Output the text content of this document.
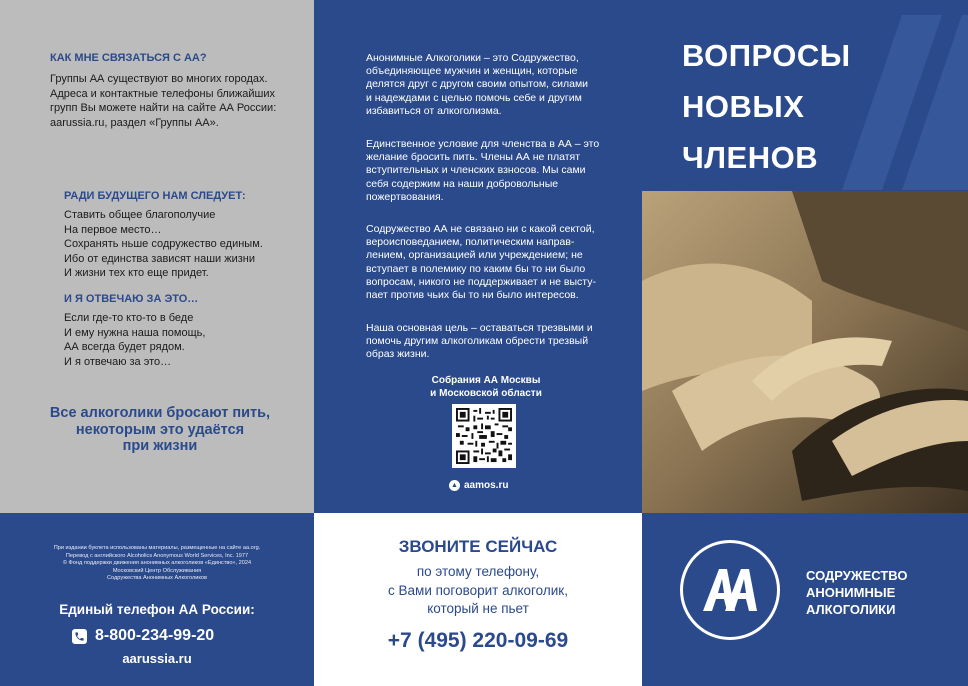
КАК МНЕ СВЯЗАТЬСЯ С АА?
Группы АА существуют во многих городах.
Адреса и контактные телефоны ближайших
групп Вы можете найти на сайте АА России:
aarussia.ru, раздел «Группы АА».
РАДИ БУДУЩЕГО НАМ СЛЕДУЕТ:
Ставить общее благополучие
На первое место…
Сохранять ньше содружество единым.
Ибо от единства зависят наши жизни
И жизни тех кто еще придет.
И Я ОТВЕЧАЮ ЗА ЭТО…
Если где-то кто-то в беде
И ему нужна наша помощь,
АА всегда будет рядом.
И я отвечаю за это…
Все алкоголики бросают пить,
некоторым это удаётся
при жизни
Анонимные Алкоголики – это Содружество,
объединяющее мужчин и женщин, которые
делятся друг с другом своим опытом, силами
и надеждами с целью помочь себе и другим
избавиться от алкоголизма.
Единственное условие для членства в АА – это
желание бросить пить. Члены АА не платят
вступительных и членских взносов. Мы сами
себя содержим на наши добровольные
пожертвования.
Содружество АА не связано ни с какой сектой,
вероисповеданием, политическим направ-
лением, организацией или учреждением; не
вступает в полемику по каким бы то ни было
вопросам, никого не поддерживает и не высту-
пает против чьих бы то ни было интересов.
Наша основная цель – оставаться трезвыми и
помочь другим алкоголикам обрести трезвый
образ жизни.
Собрания АА Москвы
и Московской области
▲ aamos.ru
ВОПРОСЫ
НОВЫХ
ЧЛЕНОВ
При издании буклета использованы материалы, размещенные на сайте aa.org.
Перевод с английского Alcoholics Anonymous World Services, Inc. 1977
© Фонд поддержки движения анонимных алкоголиков «Единство», 2024
Московский Центр Обслуживания
Содружества Анонимных Алкоголиков
Единый телефон АА России:
8-800-234-99-20
aarussia.ru
ЗВОНИТЕ СЕЙЧАС
по этому телефону,
с Вами поговорит алкоголик,
который не пьет
+7 (495) 220-09-69
СОДРУЖЕСТВО
АНОНИМНЫЕ
АЛКОГОЛИКИ
